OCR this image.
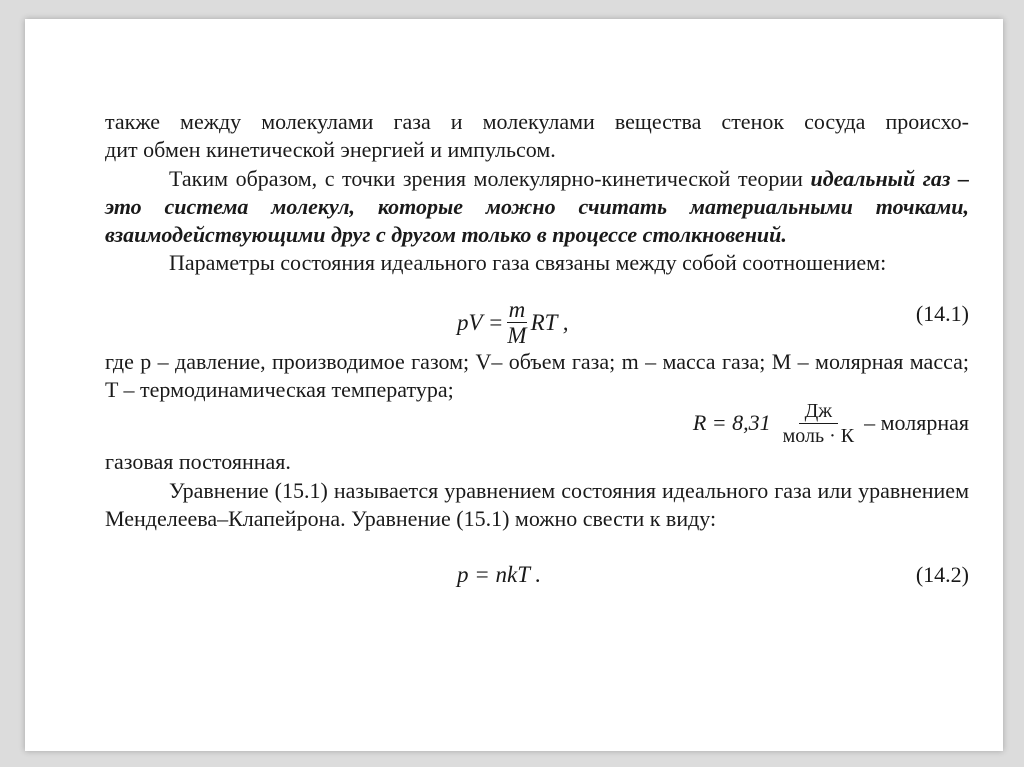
также между молекулами газа и молекулами вещества стенок сосуда происхо-

дит обмен кинетической энергией и импульсом.

Таким образом, с точки зрения молекулярно-кинетической теории идеальный газ – это система молекул, которые можно считать материальными точками, взаимодействующими друг с другом только в процессе столкновений.

Параметры состояния идеального газа связаны между собой соотношением:

pV = $\frac{m}{M}$ RT ,	(14.1)

где p – давление, производимое газом; V– объем газа; m – масса газа; M – молярная масса; T – термодинамическая температура;

R = 8,31	Дж
моль · К
– молярная

газовая постоянная.

Уравнение (15.1) называется уравнением состояния идеального газа или уравнением Менделеева–Клапейрона. Уравнение (15.1) можно свести к виду:

p = nkT .	(14.2)
